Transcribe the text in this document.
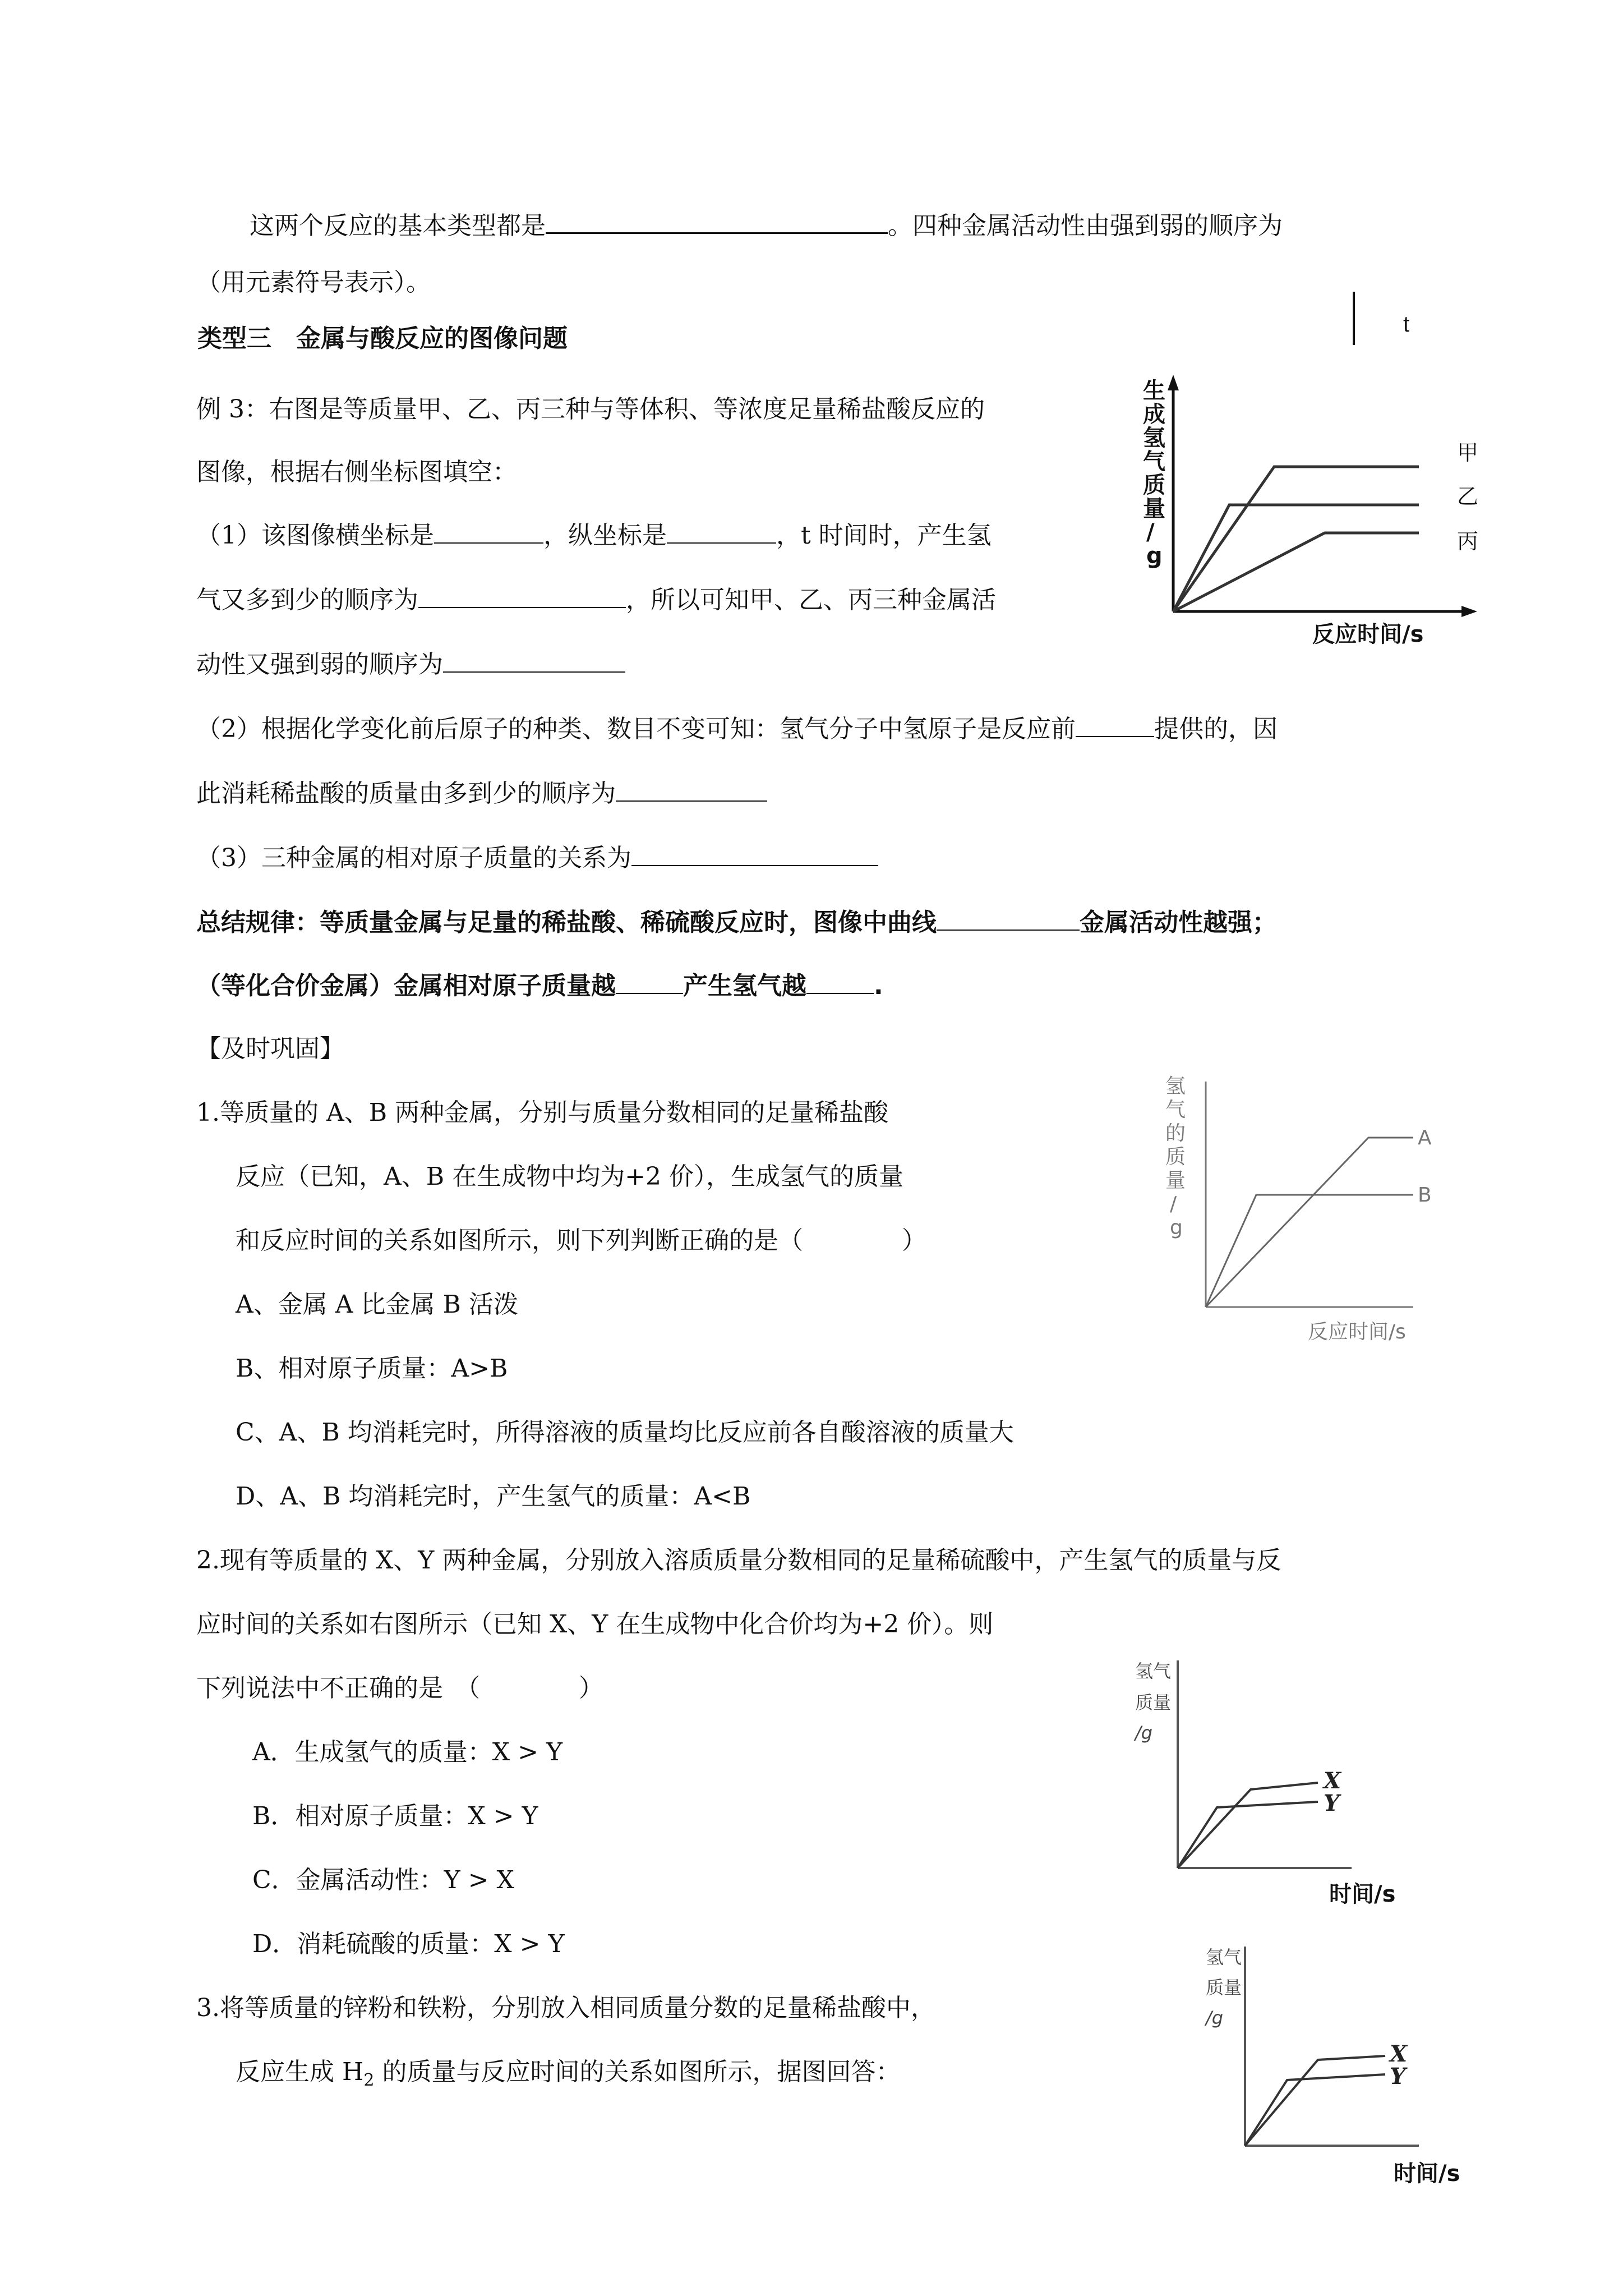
这两个反应的基本类型都是	。四种金属活动性由强到弱的顺序为
（用元素符号表示）。
t
类型三　金属与酸反应的图像问题
例 3：右图是等质量甲、乙、丙三种与等体积、等浓度足量稀盐酸反应的
图像，根据右侧坐标图填空：
（1）该图像横坐标是	，纵坐标是	，t 时间时，产生氢
气又多到少的顺序为	，所以可知甲、乙、丙三种金属活
动性又强到弱的顺序为
（2）根据化学变化前后原子的种类、数目不变可知：氢气分子中氢原子是反应前	提供的，因
此消耗稀盐酸的质量由多到少的顺序为
（3）三种金属的相对原子质量的关系为
总结规律：等质量金属与足量的稀盐酸、稀硫酸反应时，图像中曲线	金属活动性越强；
（等化合价金属）金属相对原子质量越	产生氢气越	.
生
成
氢
气
质
量
/
g
反应时间/s
甲
乙
丙
【及时巩固】
1.等质量的 A、B 两种金属，分别与质量分数相同的足量稀盐酸
反应（已知，A、B 在生成物中均为+2 价），生成氢气的质量
和反应时间的关系如图所示，则下列判断正确的是（　　　　）
A、金属 A 比金属 B 活泼
B、相对原子质量：A>B
C、A、B 均消耗完时，所得溶液的质量均比反应前各自酸溶液的质量大
D、A、B 均消耗完时，产生氢气的质量：A<B
氢
气
的
质
量
/
g
反应时间/s
A
B
2.现有等质量的 X、Y 两种金属，分别放入溶质质量分数相同的足量稀硫酸中，产生氢气的质量与反
应时间的关系如右图所示（已知 X、Y 在生成物中化合价均为+2 价）。则
下列说法中不正确的是　（　　　　）
A．生成氢气的质量：X > Y
B．相对原子质量：X > Y
C．金属活动性：Y > X
D．消耗硫酸的质量：X > Y
氢气
质量
/g
时间/s
X
Y
3.将等质量的锌粉和铁粉，分别放入相同质量分数的足量稀盐酸中，
反应生成 $H_2$ 的质量与反应时间的关系如图所示，据图回答：
氢气
质量
/g
时间/s
X
Y
